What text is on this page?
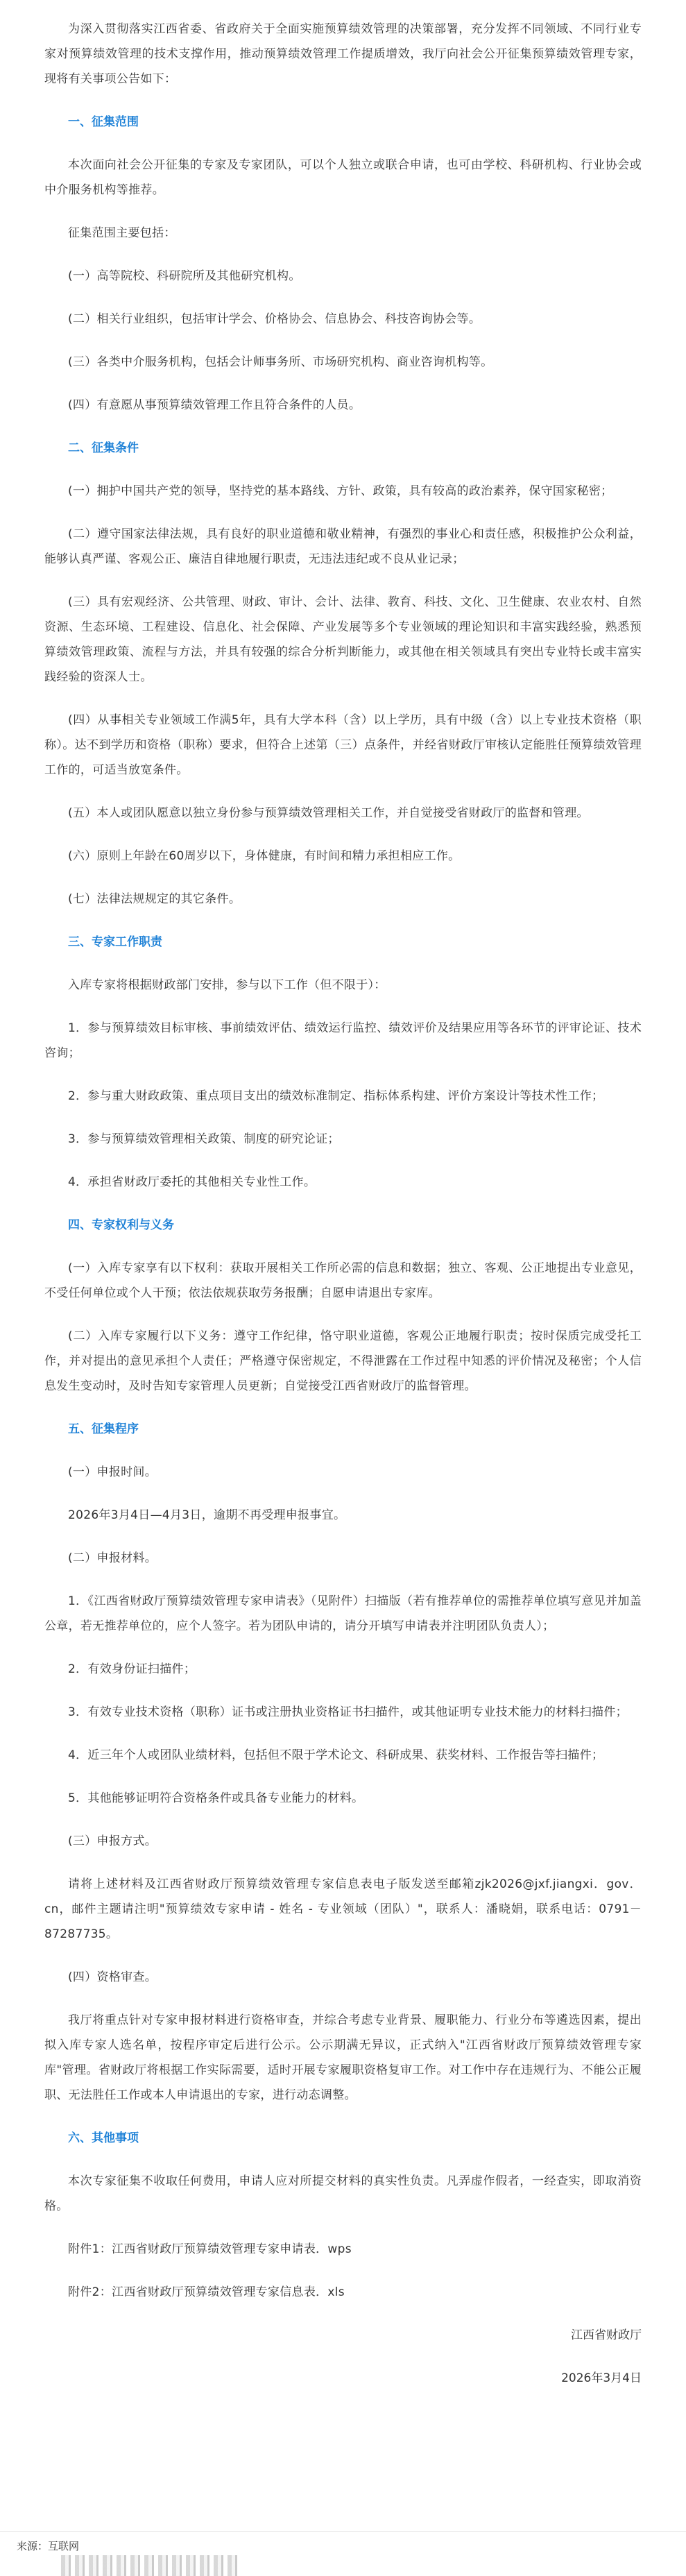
为深入贯彻落实江西省委、省政府关于全面实施预算绩效管理的决策部署，充分发挥不同领域、不同行业专家对预算绩效管理的技术支撑作用，推动预算绩效管理工作提质增效，我厅向社会公开征集预算绩效管理专家，现将有关事项公告如下：

一、征集范围

本次面向社会公开征集的专家及专家团队，可以个人独立或联合申请，也可由学校、科研机构、行业协会或中介服务机构等推荐。

征集范围主要包括：

(一）高等院校、科研院所及其他研究机构。

(二）相关行业组织，包括审计学会、价格协会、信息协会、科技咨询协会等。

(三）各类中介服务机构，包括会计师事务所、市场研究机构、商业咨询机构等。

(四）有意愿从事预算绩效管理工作且符合条件的人员。

二、征集条件

(一）拥护中国共产党的领导，坚持党的基本路线、方针、政策，具有较高的政治素养，保守国家秘密；

(二）遵守国家法律法规，具有良好的职业道德和敬业精神，有强烈的事业心和责任感，积极推护公众利益，能够认真严谨、客观公正、廉洁自律地履行职责，无违法违纪或不良从业记录；

(三）具有宏观经济、公共管理、财政、审计、会计、法律、教育、科技、文化、卫生健康、农业农村、自然资源、生态环境、工程建设、信息化、社会保障、产业发展等多个专业领域的理论知识和丰富实践经验，熟悉预算绩效管理政策、流程与方法，并具有较强的综合分析判断能力，或其他在相关领域具有突出专业特长或丰富实践经验的资深人士。

(四）从事相关专业领域工作满5年，具有大学本科（含）以上学历，具有中级（含）以上专业技术资格（职称）。达不到学历和资格（职称）要求，但符合上述第（三）点条件，并经省财政厅审核认定能胜任预算绩效管理工作的，可适当放宽条件。

(五）本人或团队愿意以独立身份参与预算绩效管理相关工作，并自觉接受省财政厅的监督和管理。

(六）原则上年龄在60周岁以下，身体健康，有时间和精力承担相应工作。

(七）法律法规规定的其它条件。

三、专家工作职责

入库专家将根据财政部门安排，参与以下工作（但不限于）：

1．参与预算绩效目标审核、事前绩效评估、绩效运行监控、绩效评价及结果应用等各环节的评审论证、技术咨询；

2．参与重大财政政策、重点项目支出的绩效标准制定、指标体系构建、评价方案设计等技术性工作；

3．参与预算绩效管理相关政策、制度的研究论证；

4．承担省财政厅委托的其他相关专业性工作。

四、专家权利与义务

(一）入库专家享有以下权利：获取开展相关工作所必需的信息和数据；独立、客观、公正地提出专业意见，不受任何单位或个人干预；依法依规获取劳务报酬；自愿申请退出专家库。

(二）入库专家履行以下义务：遵守工作纪律，恪守职业道德，客观公正地履行职责；按时保质完成受托工作，并对提出的意见承担个人责任；严格遵守保密规定，不得泄露在工作过程中知悉的评价情况及秘密；个人信息发生变动时，及时告知专家管理人员更新；自觉接受江西省财政厅的监督管理。

五、征集程序

(一）申报时间。

2026年3月4日—4月3日，逾期不再受理申报事宜。

(二）申报材料。

1．《江西省财政厅预算绩效管理专家申请表》（见附件）扫描版（若有推荐单位的需推荐单位填写意见并加盖公章，若无推荐单位的，应个人签字。若为团队申请的，请分开填写申请表并注明团队负责人）；

2．有效身份证扫描件；

3．有效专业技术资格（职称）证书或注册执业资格证书扫描件，或其他证明专业技术能力的材料扫描件；

4．近三年个人或团队业绩材料，包括但不限于学术论文、科研成果、获奖材料、工作报告等扫描件；

5．其他能够证明符合资格条件或具备专业能力的材料。

(三）申报方式。

请将上述材料及江西省财政厅预算绩效管理专家信息表电子版发送至邮箱zjk2026@jxf.jiangxi．gov．cn，邮件主题请注明"预算绩效专家申请 - 姓名 - 专业领域（团队）"，联系人：潘晓娟，联系电话：0791－87287735。

(四）资格审查。

我厅将重点针对专家申报材料进行资格审查，并综合考虑专业背景、履职能力、行业分布等遴选因素，提出拟入库专家人选名单，按程序审定后进行公示。公示期满无异议，正式纳入"江西省财政厅预算绩效管理专家库"管理。省财政厅将根据工作实际需要，适时开展专家履职资格复审工作。对工作中存在违规行为、不能公正履职、无法胜任工作或本人申请退出的专家，进行动态调整。

六、其他事项

本次专家征集不收取任何费用，申请人应对所提交材料的真实性负责。凡弄虚作假者，一经查实，即取消资格。

附件1：江西省财政厅预算绩效管理专家申请表．wps

附件2：江西省财政厅预算绩效管理专家信息表．xls

江西省财政厅

2026年3月4日

来源：互联网
